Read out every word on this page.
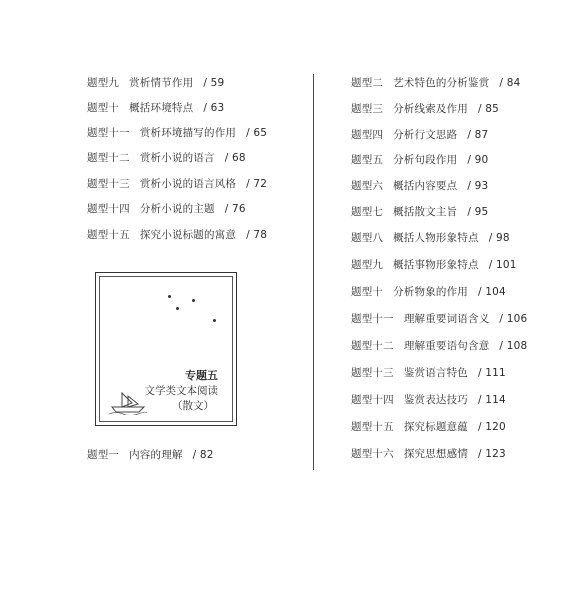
题型九 赏析情节作用 / 59
题型十 概括环境特点 / 63
题型十一 赏析环境描写的作用 / 65
题型十二 赏析小说的语言 / 68
题型十三 赏析小说的语言风格 / 72
题型十四 分析小说的主题 / 76
题型十五 探究小说标题的寓意 / 78
专题五
文学类文本阅读
（散文）
题型一 内容的理解 / 82
题型二 艺术特色的分析鉴赏 / 84
题型三 分析线索及作用 / 85
题型四 分析行文思路 / 87
题型五 分析句段作用 / 90
题型六 概括内容要点 / 93
题型七 概括散文主旨 / 95
题型八 概括人物形象特点 / 98
题型九 概括事物形象特点 / 101
题型十 分析物象的作用 / 104
题型十一 理解重要词语含义 / 106
题型十二 理解重要语句含意 / 108
题型十三 鉴赏语言特色 / 111
题型十四 鉴赏表达技巧 / 114
题型十五 探究标题意蕴 / 120
题型十六 探究思想感情 / 123
